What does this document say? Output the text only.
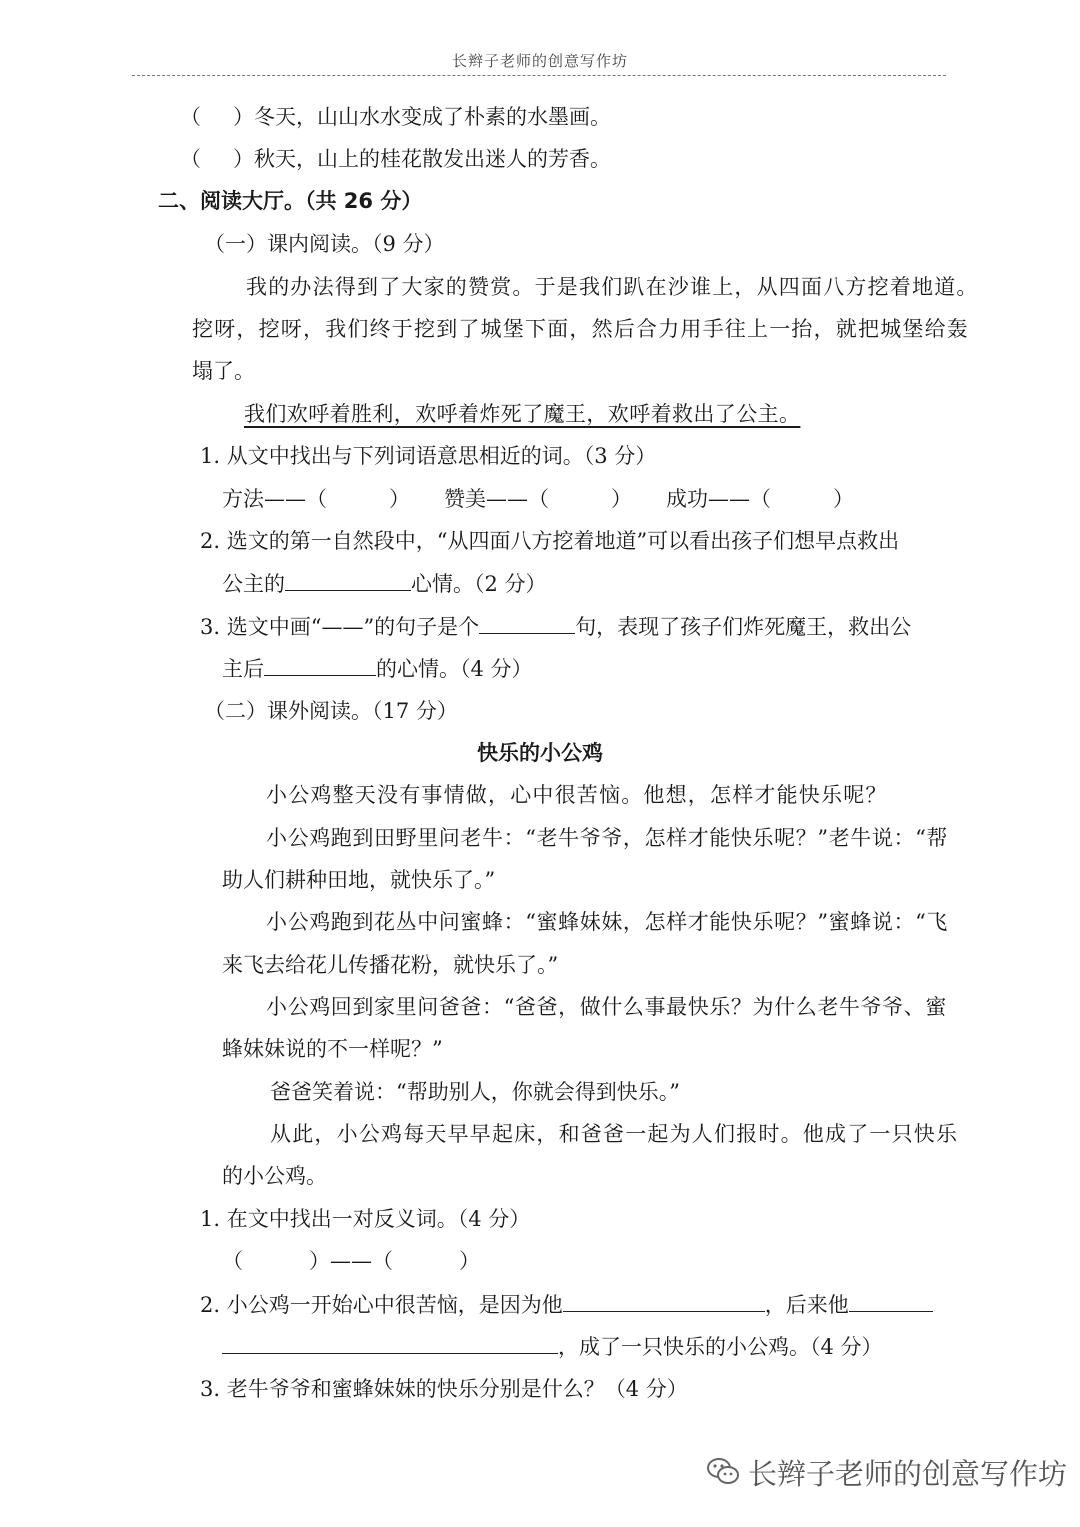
长辫子老师的创意写作坊
（ ）冬天，山山水水变成了朴素的水墨画。
（ ）秋天，山上的桂花散发出迷人的芳香。
二、阅读大厅。（共 26 分）
（一）课内阅读。（9 分）
我的办法得到了大家的赞赏。于是我们趴在沙谁上，从四面八方挖着地道。
挖呀，挖呀，我们终于挖到了城堡下面，然后合力用手往上一抬，就把城堡给轰
塌了。
我们欢呼着胜利，欢呼着炸死了魔王，欢呼着救出了公主。
1. 从文中找出与下列词语意思相近的词。（3 分）
方法——（	） 赞美——（	） 成功——（	）
2. 选文的第一自然段中，“从四面八方挖着地道”可以看出孩子们想早点救出
公主的	心情。（2 分）
3. 选文中画“——”的句子是个	句，表现了孩子们炸死魔王，救出公
主后	的心情。（4 分）
（二）课外阅读。（17 分）
快乐的小公鸡
小公鸡整天没有事情做，心中很苦恼。他想，怎样才能快乐呢？
小公鸡跑到田野里问老牛：“老牛爷爷，怎样才能快乐呢？”老牛说：“帮
助人们耕种田地，就快乐了。”
小公鸡跑到花丛中问蜜蜂：“蜜蜂妹妹，怎样才能快乐呢？”蜜蜂说：“飞
来飞去给花儿传播花粉，就快乐了。”
小公鸡回到家里问爸爸：“爸爸，做什么事最快乐？为什么老牛爷爷、蜜
蜂妹妹说的不一样呢？”
爸爸笑着说：“帮助别人，你就会得到快乐。”
从此，小公鸡每天早早起床，和爸爸一起为人们报时。他成了一只快乐
的小公鸡。
1. 在文中找出一对反义词。（4 分）
（	）——（	）
2. 小公鸡一开始心中很苦恼，是因为他	，后来他
，成了一只快乐的小公鸡。（4 分）
3. 老牛爷爷和蜜蜂妹妹的快乐分别是什么？（4 分）
长辫子老师的创意写作坊
